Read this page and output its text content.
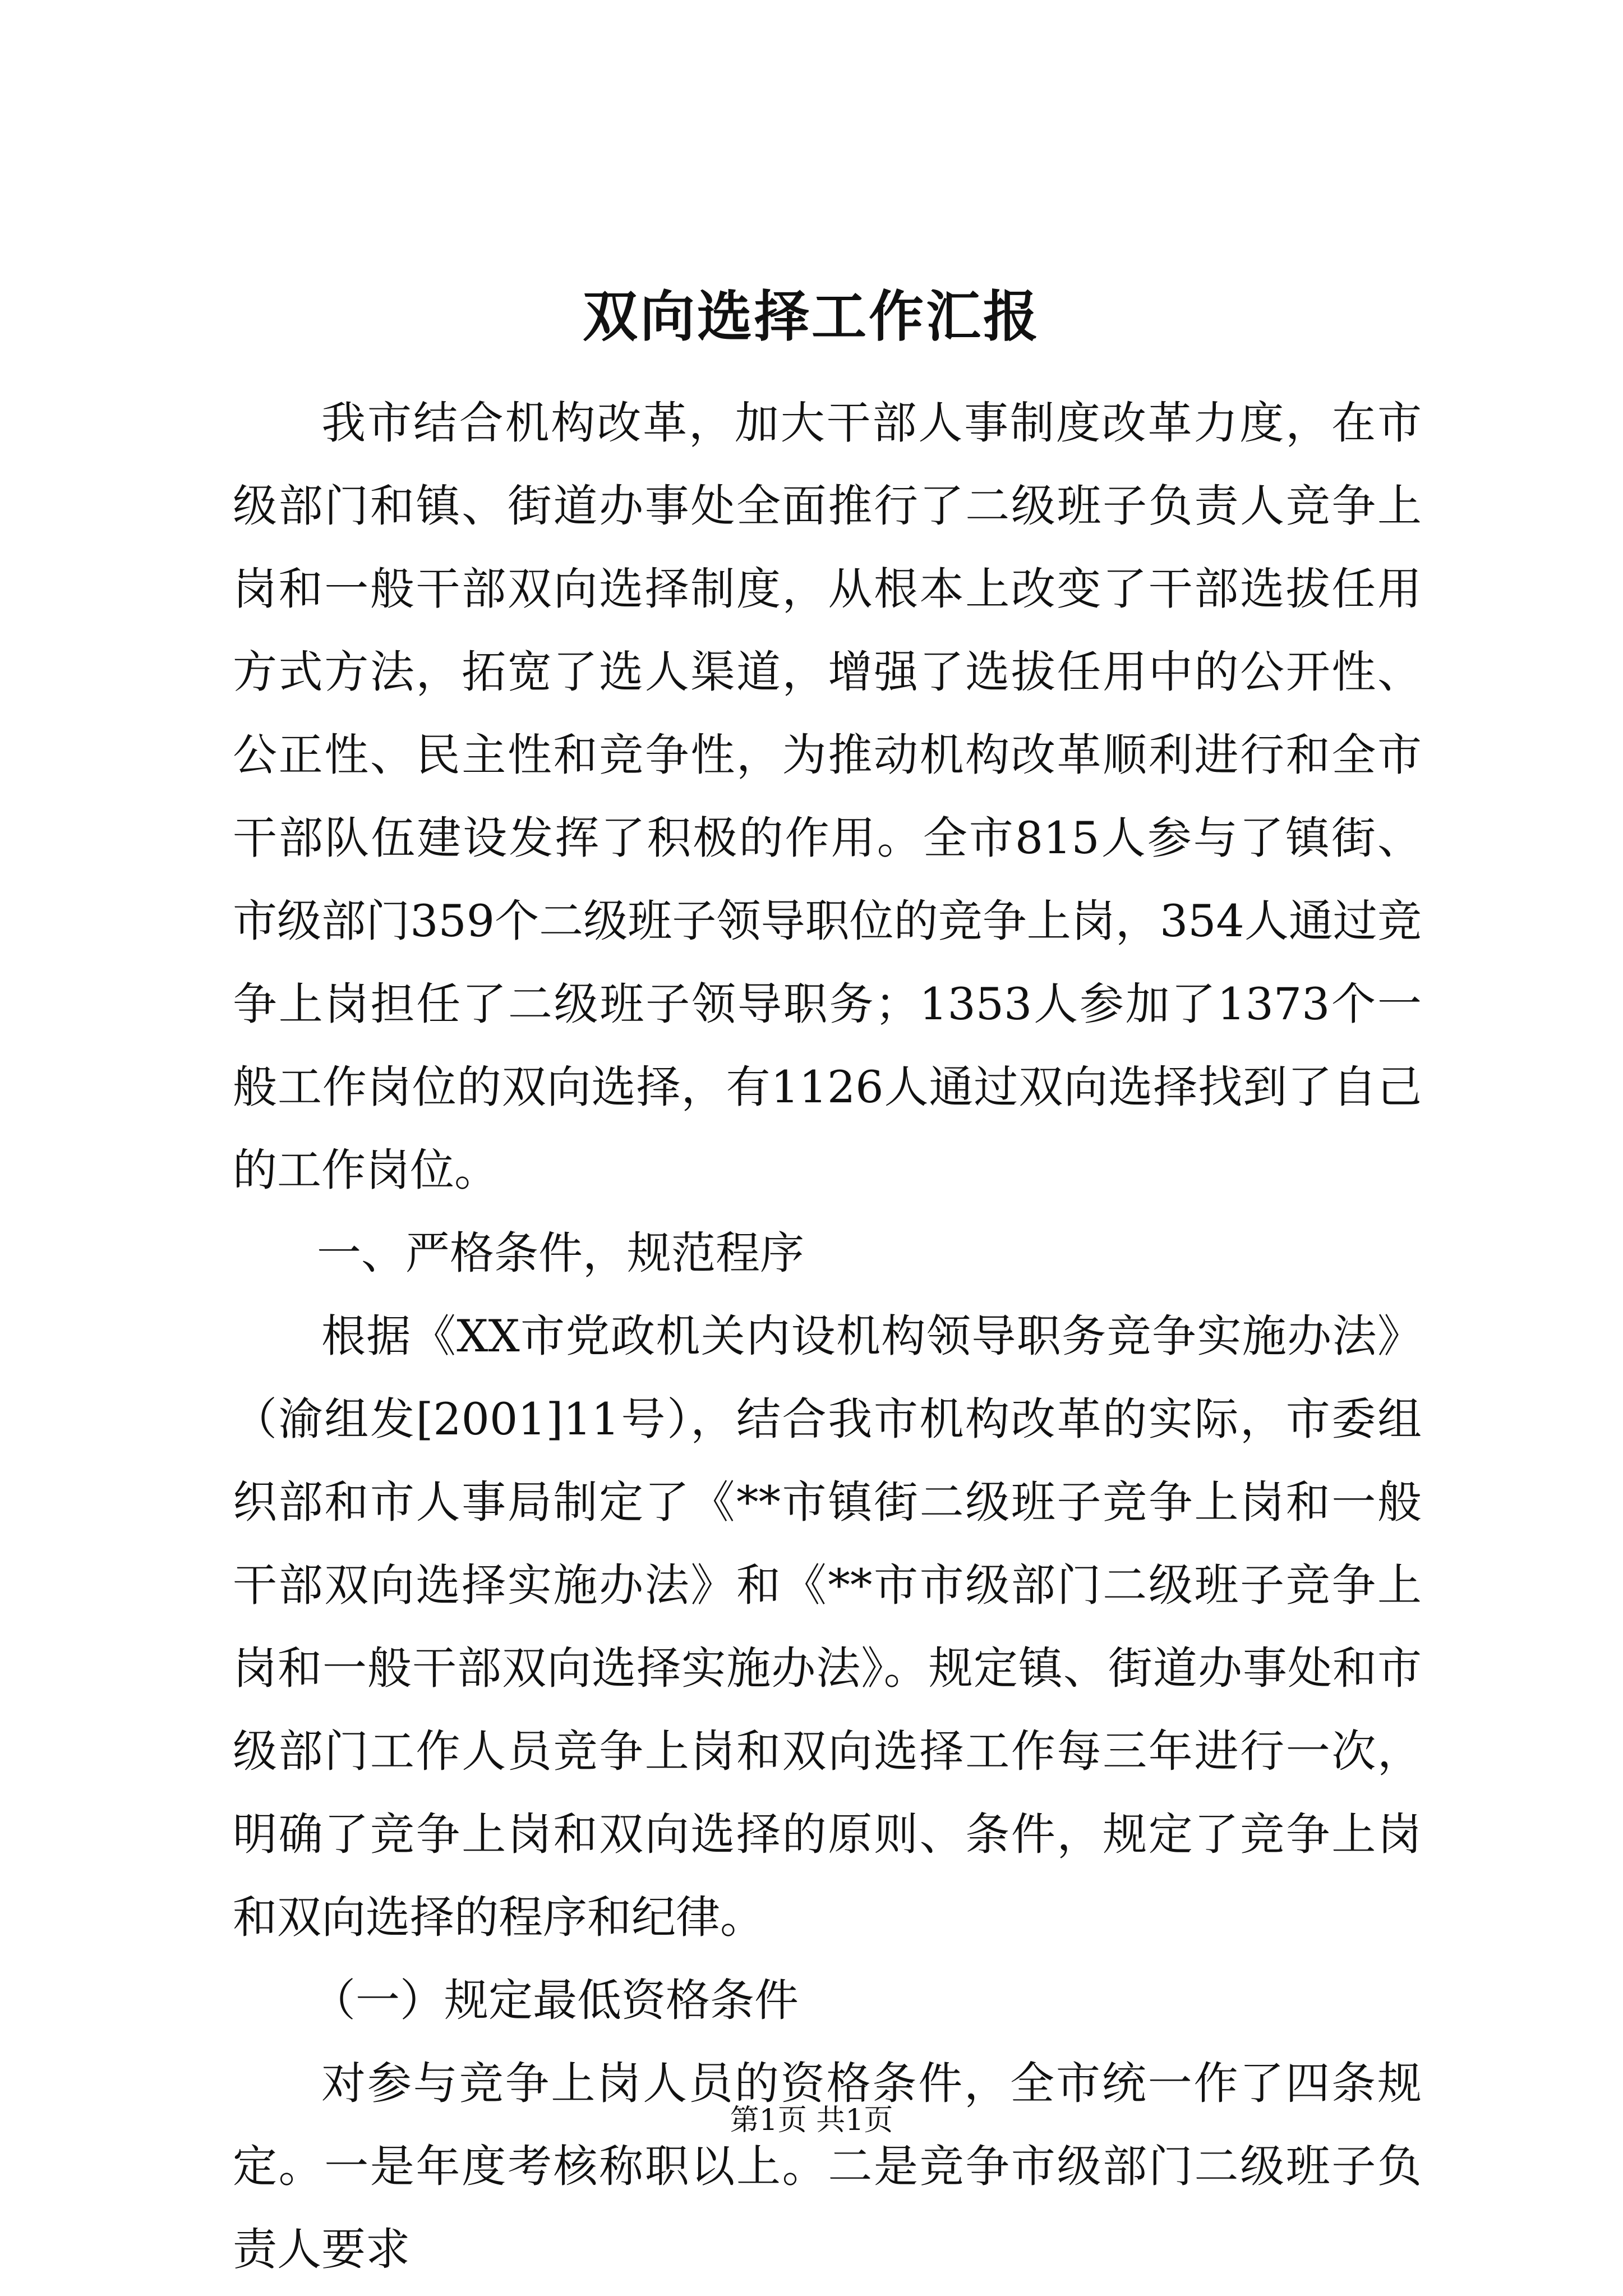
双向选择工作汇报

我市结合机构改革，加大干部人事制度改革力度，在市级部门和镇、街道办事处全面推行了二级班子负责人竞争上岗和一般干部双向选择制度，从根本上改变了干部选拔任用方式方法，拓宽了选人渠道，增强了选拔任用中的公开性、公正性、民主性和竞争性，为推动机构改革顺利进行和全市干部队伍建设发挥了积极的作用。全市815人参与了镇街、市级部门359个二级班子领导职位的竞争上岗，354人通过竞争上岗担任了二级班子领导职务；1353人参加了1373个一般工作岗位的双向选择，有1126人通过双向选择找到了自己的工作岗位。

一、严格条件，规范程序

根据《XX市党政机关内设机构领导职务竞争实施办法》（渝组发[2001]11号），结合我市机构改革的实际，市委组织部和市人事局制定了《**市镇街二级班子竞争上岗和一般干部双向选择实施办法》和《**市市级部门二级班子竞争上岗和一般干部双向选择实施办法》。规定镇、街道办事处和市级部门工作人员竞争上岗和双向选择工作每三年进行一次，明确了竞争上岗和双向选择的原则、条件，规定了竞争上岗和双向选择的程序和纪律。

（一）规定最低资格条件

对参与竞争上岗人员的资格条件，全市统一作了四条规定。一是年度考核称职以上。二是竞争市级部门二级班子负责人要求

第1页 共1页
